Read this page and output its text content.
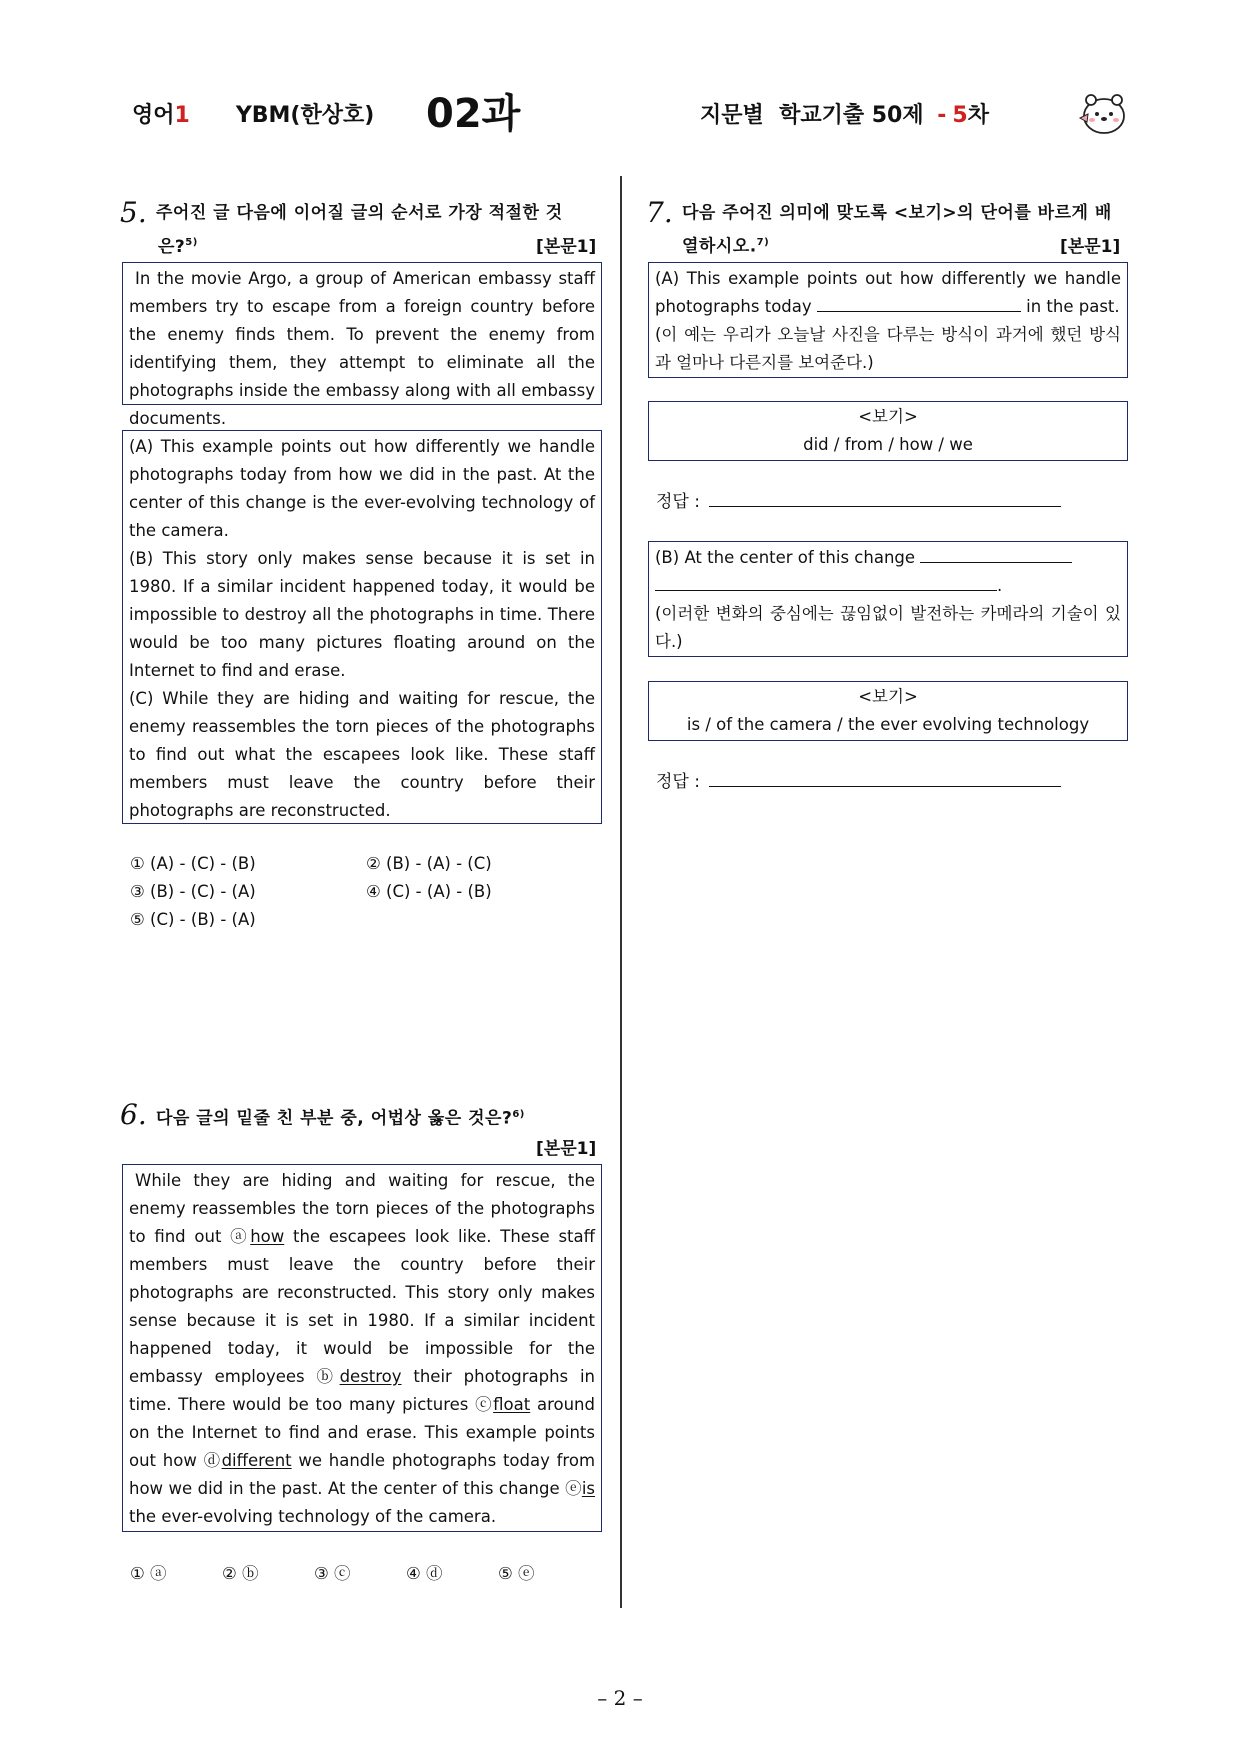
영어1 YBM(한상호) 02과	지문별  학교기출 50제 - 5차
5. 주어진 글 다음에 이어질 글의 순서로 가장 적절한 것
은?$^{5)}$	[본문1]

In the movie Argo, a group of American embassy staff members try to escape from a foreign country before the enemy finds them. To prevent the enemy from identifying them, they attempt to eliminate all the photographs inside the embassy along with all embassy documents.

(A) This example points out how differently we handle photographs today from how we did in the past. At the center of this change is the ever-evolving technology of the camera.

(B) This story only makes sense because it is set in 1980. If a similar incident happened today, it would be impossible to destroy all the photographs in time. There would be too many pictures floating around on the Internet to find and erase.

(C) While they are hiding and waiting for rescue, the enemy reassembles the torn pieces of the photographs to find out what the escapees look like. These staff members must leave the country before their photographs are reconstructed.

① (A) - (C) - (B)	② (B) - (A) - (C)
③ (B) - (C) - (A)	④ (C) - (A) - (B)
⑤ (C) - (B) - (A)
6. 다음 글의 밑줄 친 부분 중, 어법상 옳은 것은?$^{6)}$
[본문1]

While they are hiding and waiting for rescue, the enemy reassembles the torn pieces of the photographs to find out ⓐhow the escapees look like. These staff members must leave the country before their photographs are reconstructed. This story only makes sense because it is set in 1980. If a similar incident happened today, it would be impossible for the embassy employees ⓑdestroy their photographs in time. There would be too many pictures ⓒfloat around on the Internet to find and erase. This example points out how ⓓdifferent we handle photographs today from how we did in the past. At the center of this change ⓔis the ever-evolving technology of the camera.

① ⓐ	② ⓑ	③ ⓒ	④ ⓓ	⑤ ⓔ
7. 다음 주어진 의미에 맞도록 <보기>의 단어를 바르게 배
열하시오.$^{7)}$	[본문1]

(A) This example points out how differently we handle photographs today	in the past.

(이 예는 우리가 오늘날 사진을 다루는 방식이 과거에 했던 방식과 얼마나 다른지를 보여준다.)

<보기>
did / from / how / we
정답 :

(B) At the center of this change

.

(이러한 변화의 중심에는 끊임없이 발전하는 카메라의 기술이 있다.)

<보기>
is / of the camera / the ever evolving technology
정답 :
– 2 –
